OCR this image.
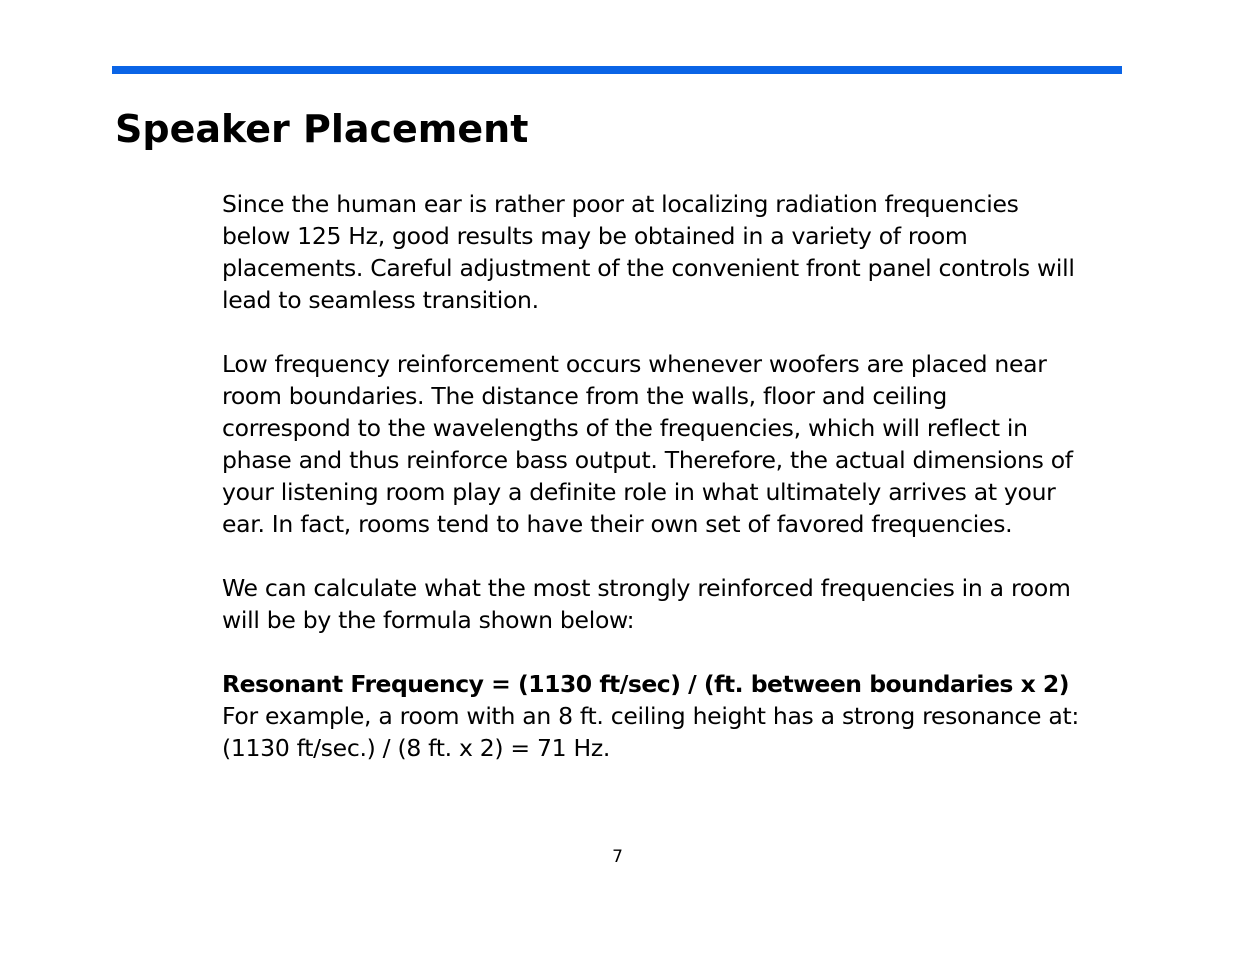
Speaker Placement

Since the human ear is rather poor at localizing radiation frequencies
below 125 Hz, good results may be obtained in a variety of room
placements. Careful adjustment of the convenient front panel controls will
lead to seamless transition.

Low frequency reinforcement occurs whenever woofers are placed near
room boundaries. The distance from the walls, floor and ceiling
correspond to the wavelengths of the frequencies, which will reflect in
phase and thus reinforce bass output. Therefore, the actual dimensions of
your listening room play a definite role in what ultimately arrives at your
ear. In fact, rooms tend to have their own set of favored frequencies.

We can calculate what the most strongly reinforced frequencies in a room
will be by the formula shown below:

Resonant Frequency = (1130 ft/sec) / (ft. between boundaries x 2)
For example, a room with an 8 ft. ceiling height has a strong resonance at:
(1130 ft/sec.) / (8 ft. x 2) = 71 Hz.

7
